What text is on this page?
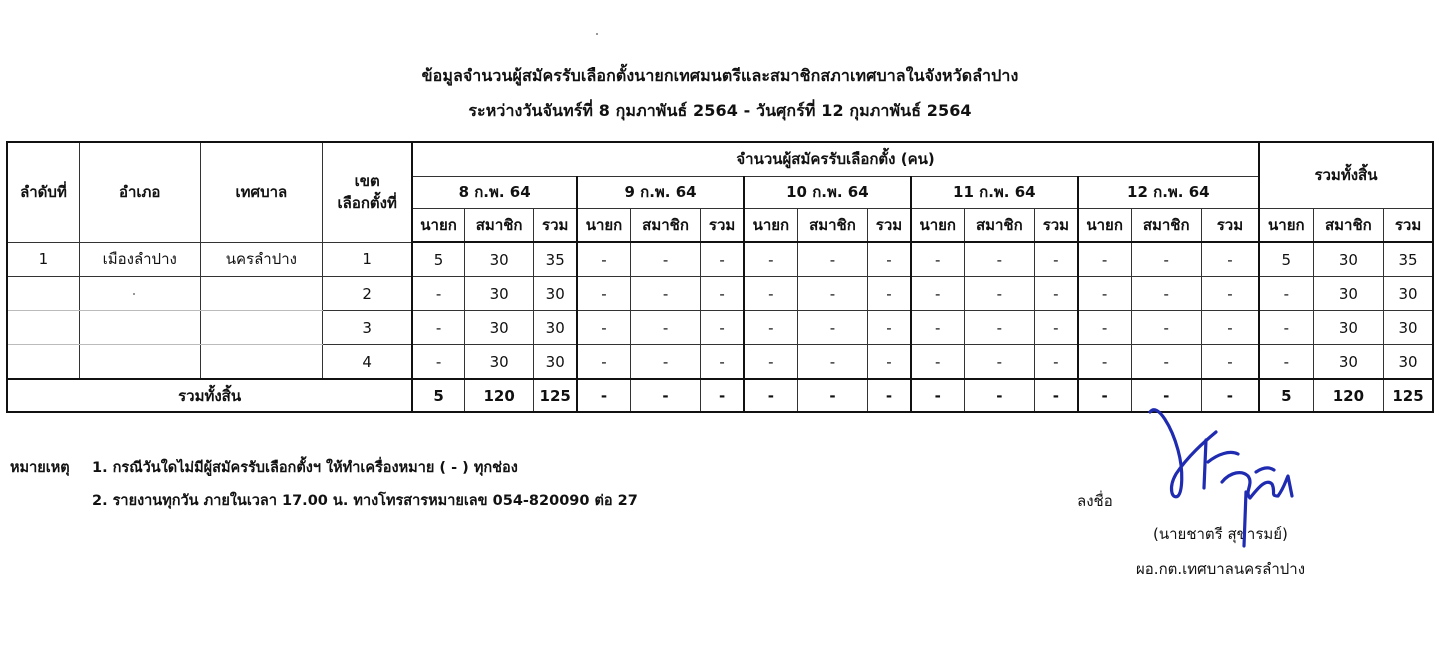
ข้อมูลจำนวนผู้สมัครรับเลือกตั้งนายกเทศมนตรีและสมาชิกสภาเทศบาลในจังหวัดลำปาง
ระหว่างวันจันทร์ที่ 8 กุมภาพันธ์ 2564 - วันศุกร์ที่ 12 กุมภาพันธ์ 2564
ลำดับที่	อำเภอ	เทศบาล	เขต
เลือกตั้งที่	จำนวนผู้สมัครรับเลือกตั้ง (คน)															รวมทั้งสิ้น		
				8 ก.พ. 64			9 ก.พ. 64			10 ก.พ. 64			11 ก.พ. 64			12 ก.พ. 64					
				นายก	สมาชิก	รวม	นายก	สมาชิก	รวม	นายก	สมาชิก	รวม	นายก	สมาชิก	รวม	นายก	สมาชิก	รวม	นายก	สมาชิก	รวม
1	เมืองลำปาง	นครลำปาง	1	5	30	35	-	-	-	-	-	-	-	-	-	-	-	-	5	30	35
			2	-	30	30	-	-	-	-	-	-	-	-	-	-	-	-	-	30	30
			3	-	30	30	-	-	-	-	-	-	-	-	-	-	-	-	-	30	30
			4	-	30	30	-	-	-	-	-	-	-	-	-	-	-	-	-	30	30
รวมทั้งสิ้น				5	120	125	-	-	-	-	-	-	-	-	-	-	-	-	5	120	125
หมายเหตุ 1. กรณีวันใดไม่มีผู้สมัครรับเลือกตั้งฯ ให้ทำเครื่องหมาย ( - ) ทุกช่อง
2. รายงานทุกวัน ภายในเวลา 17.00 น. ทางโทรสารหมายเลข 054-820090 ต่อ 27	ลงชื่อ
(นายชาตรี สุขารมย์)
ผอ.กต.เทศบาลนครลำปาง
